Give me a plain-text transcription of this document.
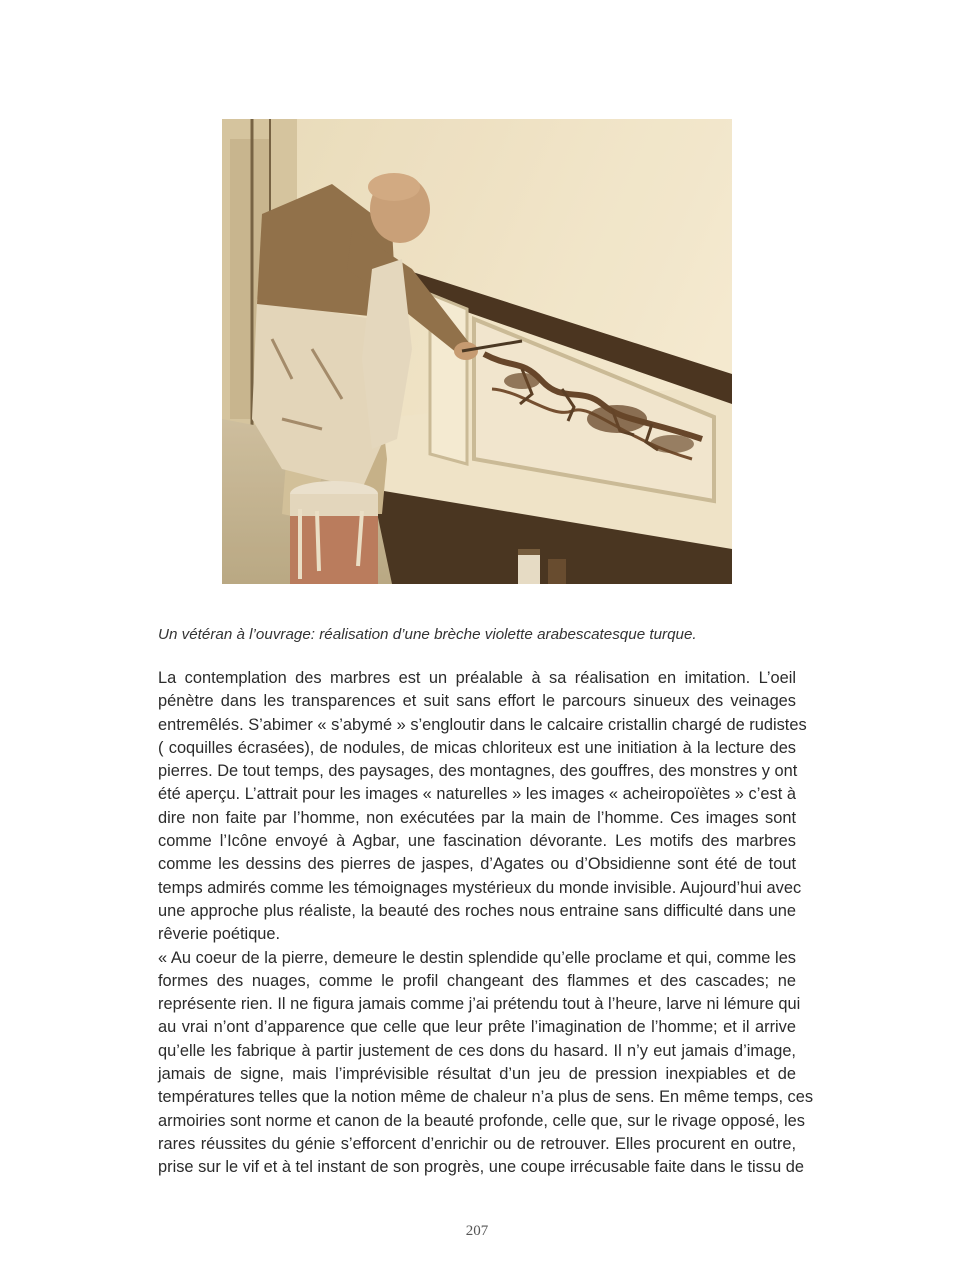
Un vétéran à l’ouvrage: réalisation d’une brèche violette arabescatesque turque.
La contemplation des marbres est un préalable à sa réalisation en imitation. L’oeil
pénètre dans les transparences et suit sans effort le parcours sinueux des veinages
entremêlés. S’abimer « s’abymé » s’engloutir dans le calcaire cristallin chargé de rudistes
( coquilles écrasées), de nodules, de micas chloriteux est une initiation à la lecture des
pierres. De tout temps, des paysages, des montagnes, des gouffres, des monstres y ont
été aperçu. L’attrait pour les images « naturelles » les images « acheiropoïètes » c’est à
dire non faite par l’homme, non exécutées par la main de l’homme. Ces images sont
comme l’Icône envoyé à Agbar, une fascination dévorante. Les motifs des marbres
comme les dessins des pierres de jaspes, d’Agates ou d’Obsidienne sont été de tout
temps admirés comme les témoignages mystérieux du monde invisible. Aujourd’hui avec
une approche plus réaliste, la beauté des roches nous entraine sans difficulté dans une
rêverie poétique.
« Au coeur de la pierre, demeure le destin splendide qu’elle proclame et qui, comme les
formes des nuages, comme le profil changeant des flammes et des cascades; ne
représente rien. Il ne figura jamais comme j’ai prétendu tout à l’heure, larve ni lémure qui
au vrai n’ont d’apparence que celle que leur prête l’imagination de l’homme; et il arrive
qu’elle les fabrique à partir justement de ces dons du hasard. Il n’y eut jamais d’image,
jamais de signe, mais l’imprévisible résultat d’un jeu de pression inexpiables et de
températures telles que la notion même de chaleur n’a plus de sens. En même temps, ces
armoiries sont norme et canon de la beauté profonde, celle que, sur le rivage opposé, les
rares réussites du génie s’efforcent d’enrichir ou de retrouver. Elles procurent en outre,
prise sur le vif et à tel instant de son progrès, une coupe irrécusable faite dans le tissu de
207
